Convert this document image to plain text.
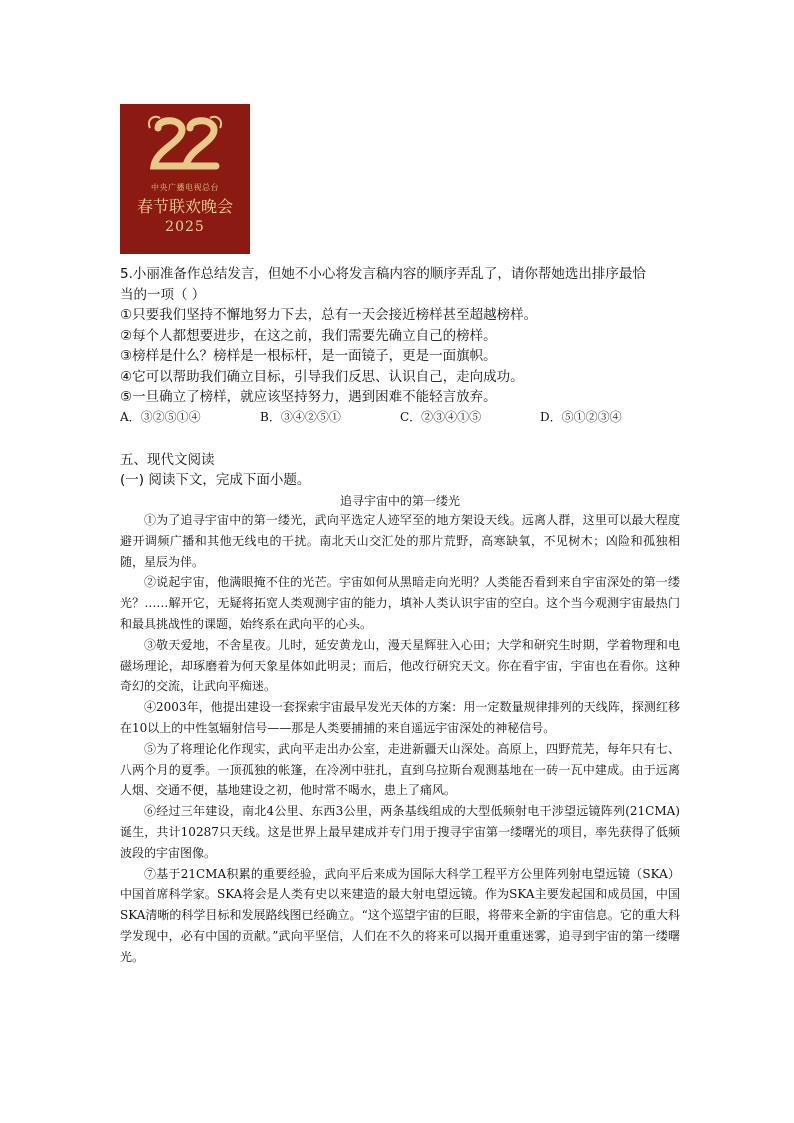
中央广播电视总台
春节联欢晚会
2025
5.小丽准备作总结发言，但她不小心将发言稿内容的顺序弄乱了，请你帮她选出排序最恰
当的一项（ ）
①只要我们坚持不懈地努力下去，总有一天会接近榜样甚至超越榜样。
②每个人都想要进步，在这之前，我们需要先确立自己的榜样。
③榜样是什么？榜样是一根标杆，是一面镜子，更是一面旗帜。
④它可以帮助我们确立目标，引导我们反思、认识自己，走向成功。
⑤一旦确立了榜样，就应该坚持努力，遇到困难不能轻言放弃。
A．③②⑤①④	B．③④②⑤①	C．②③④①⑤	D．⑤①②③④
五、现代文阅读
(一) 阅读下文，完成下面小题。
追寻宇宙中的第一缕光

①为了追寻宇宙中的第一缕光，武向平选定人迹罕至的地方架设天线。远离人群，这里可以最大程度避开调频广播和其他无线电的干扰。南北天山交汇处的那片荒野，高寒缺氧，不见树木；凶险和孤独相随，星辰为伴。

②说起宇宙，他满眼掩不住的光芒。宇宙如何从黑暗走向光明？人类能否看到来自宇宙深处的第一缕光？……解开它，无疑将拓宽人类观测宇宙的能力，填补人类认识宇宙的空白。这个当今观测宇宙最热门和最具挑战性的课题，始终系在武向平的心头。

③敬天爱地，不舍星夜。儿时，延安黄龙山，漫天星辉驻入心田；大学和研究生时期，学着物理和电磁场理论，却琢磨着为何天象星体如此明灵；而后，他改行研究天文。你在看宇宙，宇宙也在看你。这种奇幻的交流，让武向平痴迷。

④2003年，他提出建设一套探索宇宙最早发光天体的方案：用一定数量规律排列的天线阵，探测红移在10以上的中性氢辐射信号——那是人类要捕捕的来自遥远宇宙深处的神秘信号。

⑤为了将理论化作现实，武向平走出办公室，走进新疆天山深处。高原上，四野荒芜，每年只有七、八两个月的夏季。一顶孤独的帐篷，在冷冽中驻扎，直到乌拉斯台观测基地在一砖一瓦中建成。由于远离人烟、交通不便，基地建设之初，他时常不喝水，患上了痛风。

⑥经过三年建设，南北4公里、东西3公里，两条基线组成的大型低频射电干涉望远镜阵列(21CMA)诞生，共计10287只天线。这是世界上最早建成并专门用于搜寻宇宙第一缕曙光的项目，率先获得了低频波段的宇宙图像。

⑦基于21CMA积累的重要经验，武向平后来成为国际大科学工程平方公里阵列射电望远镜（SKA）中国首席科学家。SKA将会是人类有史以来建造的最大射电望远镜。作为SKA主要发起国和成员国，中国SKA清晰的科学目标和发展路线图已经确立。“这个巡望宇宙的巨眼，将带来全新的宇宙信息。它的重大科学发现中，必有中国的贡献。”武向平坚信，人们在不久的将来可以揭开重重迷雾，追寻到宇宙的第一缕曙光。
